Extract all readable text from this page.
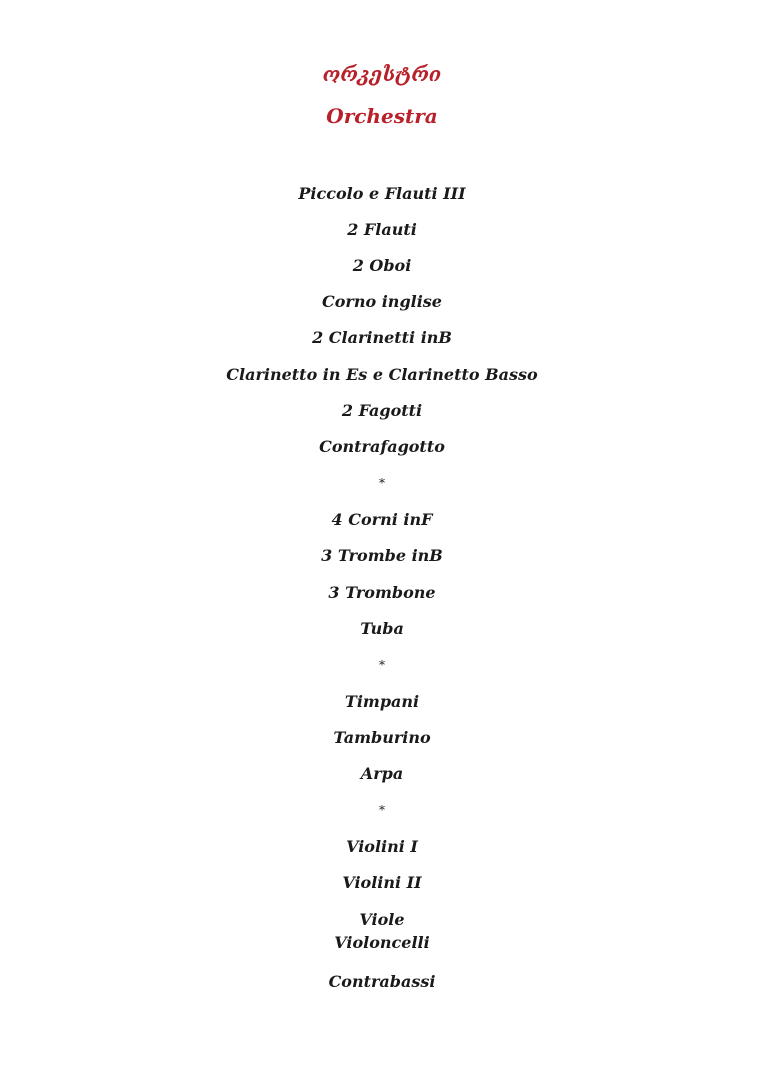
ორკესტრი
Orchestra
Piccolo e Flauti III
2 Flauti
2 Oboi
Corno inglise
2 Clarinetti inB
Clarinetto in Es e Clarinetto Basso
2 Fagotti
Contrafagotto
*
4 Corni inF
3 Trombe inB
3 Trombone
Tuba
*
Timpani
Tamburino
Arpa
*
Violini I
Violini II
Viole
Violoncelli
Contrabassi
